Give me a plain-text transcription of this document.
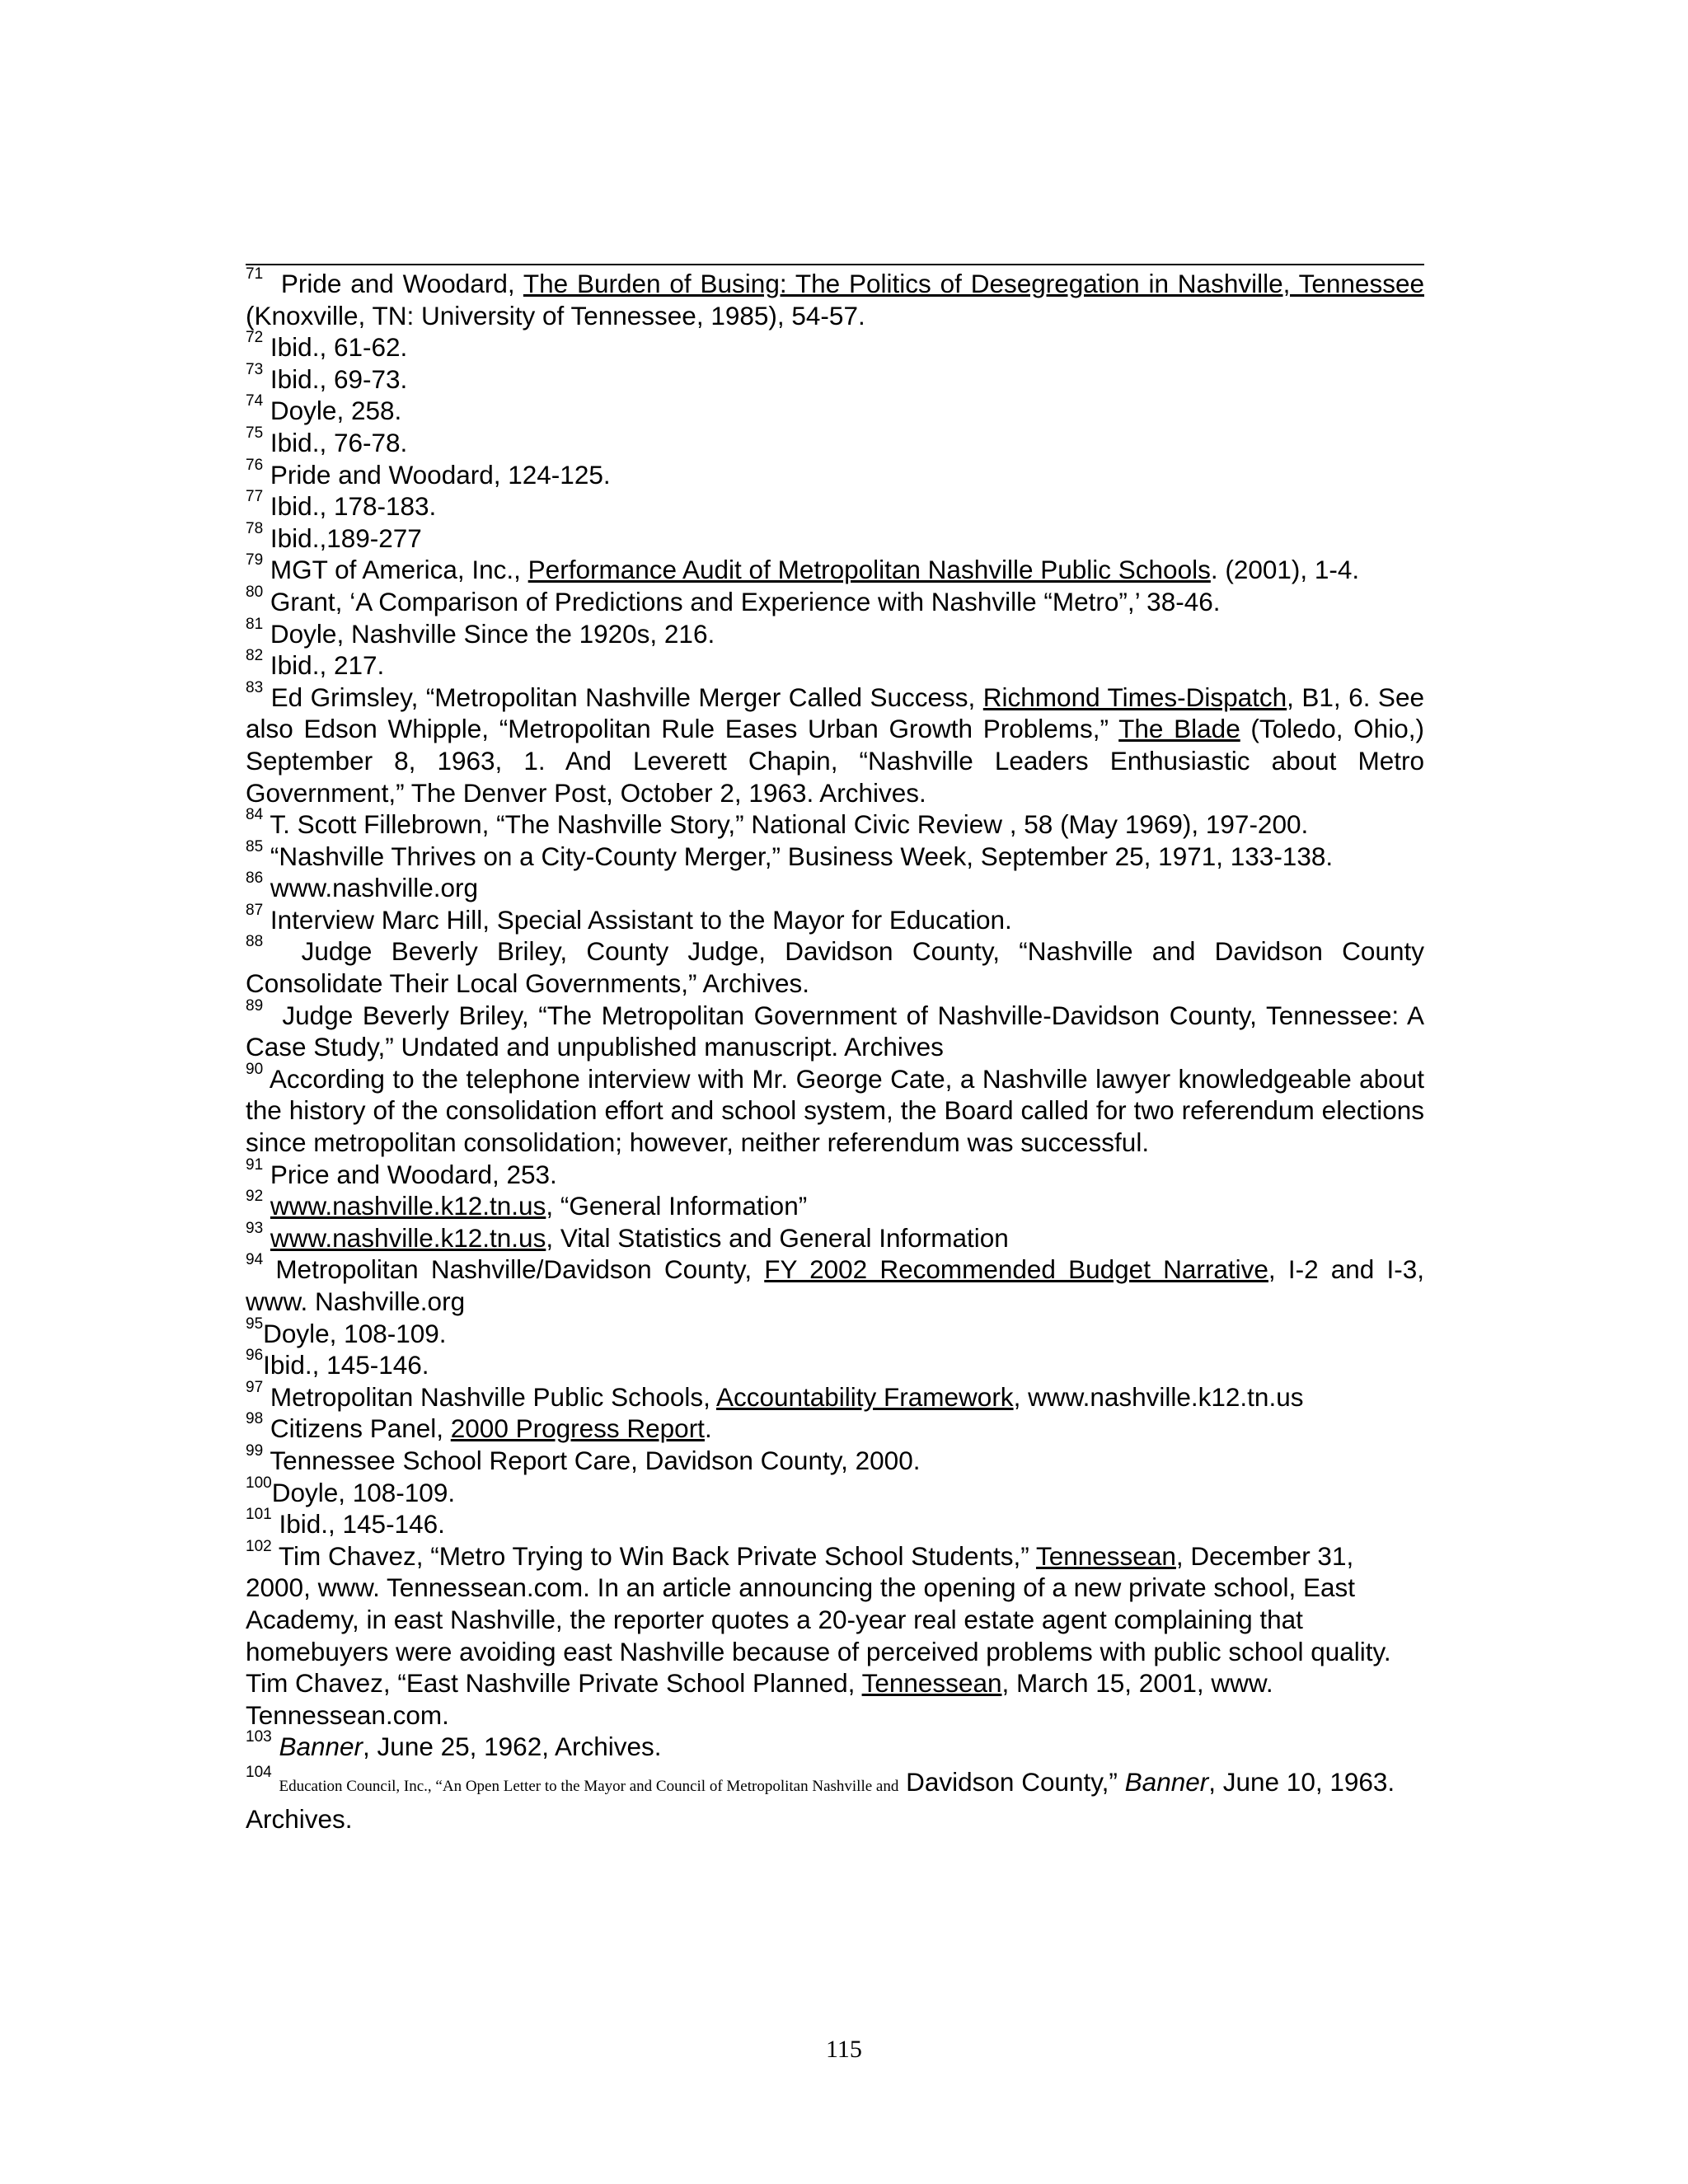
$^{71}$ Pride and Woodard, The Burden of Busing: The Politics of Desegregation in Nashville, Tennessee (Knoxville, TN: University of Tennessee, 1985), 54-57.

$^{72}$ Ibid., 61-62.

$^{73}$ Ibid., 69-73.

$^{74}$ Doyle, 258.

$^{75}$ Ibid., 76-78.

$^{76}$ Pride and Woodard, 124-125.

$^{77}$ Ibid., 178-183.

$^{78}$ Ibid.,189-277

$^{79}$ MGT of America, Inc., Performance Audit of Metropolitan Nashville Public Schools. (2001), 1-4.

$^{80}$ Grant, ‘A Comparison of Predictions and Experience with Nashville “Metro”,’ 38-46.

$^{81}$ Doyle, Nashville Since the 1920s, 216.

$^{82}$ Ibid., 217.

$^{83}$ Ed Grimsley, “Metropolitan Nashville Merger Called Success, Richmond Times-Dispatch, B1, 6. See also Edson Whipple, “Metropolitan Rule Eases Urban Growth Problems,” The Blade (Toledo, Ohio,) September 8, 1963, 1. And Leverett Chapin, “Nashville Leaders Enthusiastic about Metro Government,” The Denver Post, October 2, 1963. Archives.

$^{84}$ T. Scott Fillebrown, “The Nashville Story,” National Civic Review , 58 (May 1969), 197-200.

$^{85}$ “Nashville Thrives on a City-County Merger,” Business Week, September 25, 1971, 133-138.

$^{86}$ www.nashville.org

$^{87}$ Interview Marc Hill, Special Assistant to the Mayor for Education.

$^{88}$ Judge Beverly Briley, County Judge, Davidson County, “Nashville and Davidson County Consolidate Their Local Governments,” Archives.

$^{89}$ Judge Beverly Briley, “The Metropolitan Government of Nashville-Davidson County, Tennessee: A Case Study,” Undated and unpublished manuscript. Archives

$^{90}$ According to the telephone interview with Mr. George Cate, a Nashville lawyer knowledgeable about the history of the consolidation effort and school system, the Board called for two referendum elections since metropolitan consolidation; however, neither referendum was successful.

$^{91}$ Price and Woodard, 253.

$^{92}$ www.nashville.k12.tn.us, “General Information”

$^{93}$ www.nashville.k12.tn.us, Vital Statistics and General Information

$^{94}$ Metropolitan Nashville/Davidson County, FY 2002 Recommended Budget Narrative, I-2 and I-3, www. Nashville.org

$^{95}$Doyle, 108-109.

$^{96}$Ibid., 145-146.

$^{97}$ Metropolitan Nashville Public Schools, Accountability Framework, www.nashville.k12.tn.us

$^{98}$ Citizens Panel, 2000 Progress Report.

$^{99}$ Tennessee School Report Care, Davidson County, 2000.

$^{100}$Doyle, 108-109.

$^{101}$ Ibid., 145-146.

$^{102}$ Tim Chavez, “Metro Trying to Win Back Private School Students,” Tennessean, December 31, 2000, www. Tennessean.com. In an article announcing the opening of a new private school, East Academy, in east Nashville, the reporter quotes a 20-year real estate agent complaining that homebuyers were avoiding east Nashville because of perceived problems with public school quality. Tim Chavez, “East Nashville Private School Planned, Tennessean, March 15, 2001, www. Tennessean.com.

$^{103}$ Banner, June 25, 1962, Archives.

$^{104}$ Education Council, Inc., “An Open Letter to the Mayor and Council of Metropolitan Nashville and Davidson County,” Banner, June 10, 1963. Archives.

115
